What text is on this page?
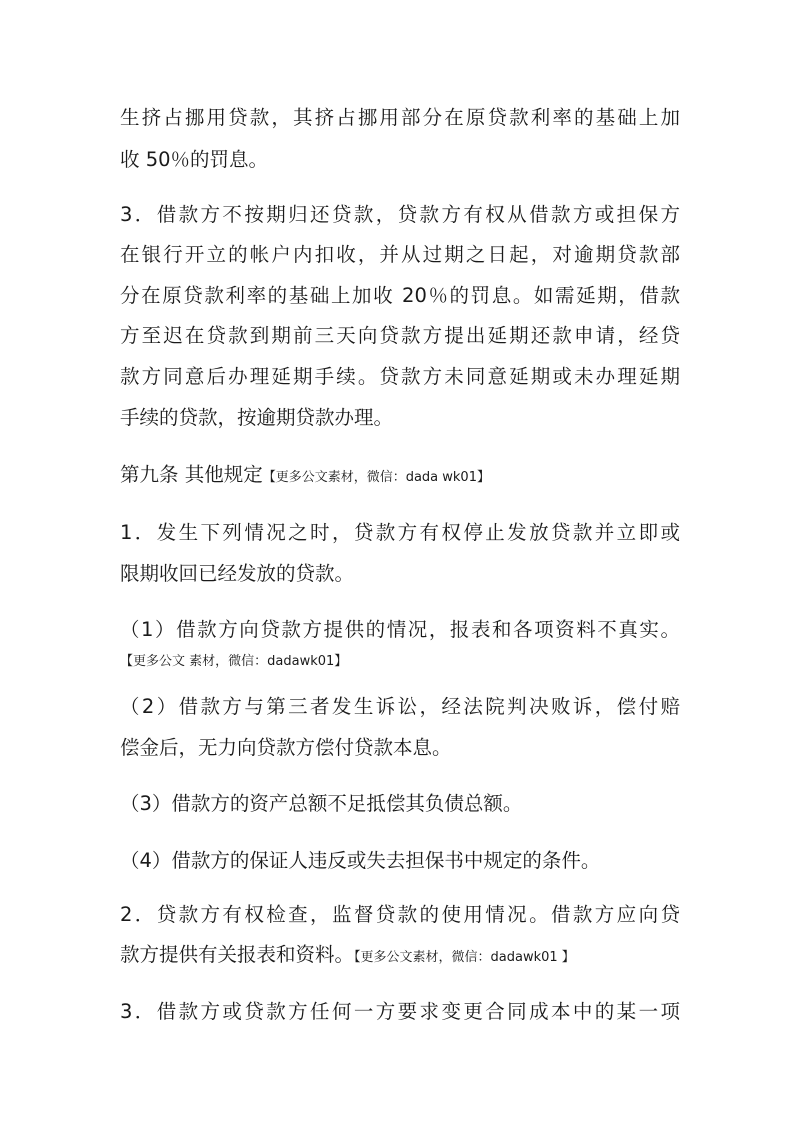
生挤占挪用贷款，其挤占挪用部分在原贷款利率的基础上加
收 50％的罚息。
3．借款方不按期归还贷款，贷款方有权从借款方或担保方
在银行开立的帐户内扣收，并从过期之日起，对逾期贷款部
分在原贷款利率的基础上加收 20％的罚息。如需延期，借款
方至迟在贷款到期前三天向贷款方提出延期还款申请，经贷
款方同意后办理延期手续。贷款方未同意延期或未办理延期
手续的贷款，按逾期贷款办理。
第九条 其他规定【更多公文素材，微信：dada wk01】
1．发生下列情况之时，贷款方有权停止发放贷款并立即或
限期收回已经发放的贷款。
（1）借款方向贷款方提供的情况，报表和各项资料不真实。
【更多公文 素材，微信：dadawk01】
（2）借款方与第三者发生诉讼，经法院判决败诉，偿付赔
偿金后，无力向贷款方偿付贷款本息。
（3）借款方的资产总额不足抵偿其负债总额。
（4）借款方的保证人违反或失去担保书中规定的条件。
2．贷款方有权检查，监督贷款的使用情况。借款方应向贷
款方提供有关报表和资料。【更多公文素材，微信：dadawk01 】
3．借款方或贷款方任何一方要求变更合同成本中的某一项
